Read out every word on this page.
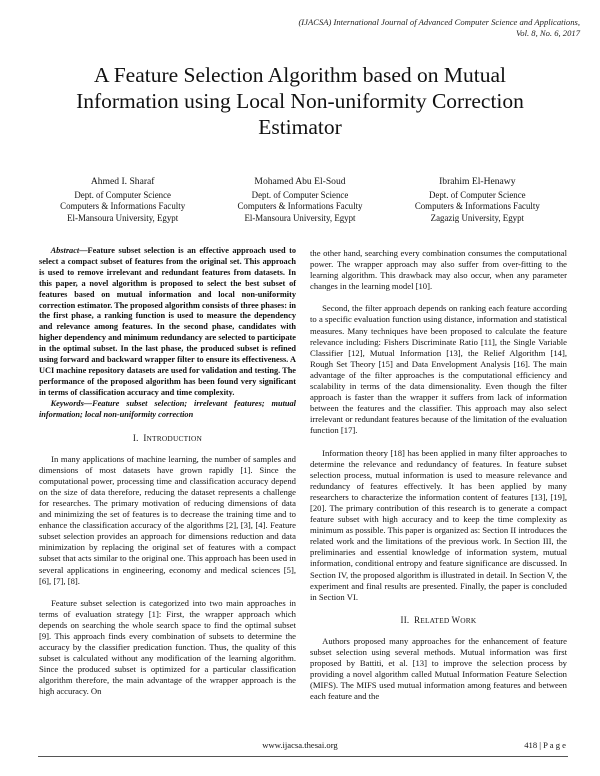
(IJACSA) International Journal of Advanced Computer Science and Applications,
Vol. 8, No. 6, 2017
A Feature Selection Algorithm based on Mutual
Information using Local Non-uniformity Correction
Estimator
Ahmed I. Sharaf
Dept. of Computer Science
Computers & Informations Faculty
El-Mansoura University, Egypt
Mohamed Abu El-Soud
Dept. of Computer Science
Computers & Informations Faculty
El-Mansoura University, Egypt
Ibrahim El-Henawy
Dept. of Computer Science
Computers & Informations Faculty
Zagazig University, Egypt

Abstract—Feature subset selection is an effective approach used to select a compact subset of features from the original set. This approach is used to remove irrelevant and redundant features from datasets. In this paper, a novel algorithm is proposed to select the best subset of features based on mutual information and local non-uniformity correction estimator. The proposed algorithm consists of three phases: in the first phase, a ranking function is used to measure the dependency and relevance among features. In the second phase, candidates with higher dependency and minimum redundancy are selected to participate in the optimal subset. In the last phase, the produced subset is refined using forward and backward wrapper filter to ensure its effectiveness. A UCI machine repository datasets are used for validation and testing. The performance of the proposed algorithm has been found very significant in terms of classification accuracy and time complexity.

Keywords—Feature subset selection; irrelevant features; mutual information; local non-uniformity correction

I. INTRODUCTION

In many applications of machine learning, the number of samples and dimensions of most datasets have grown rapidly [1]. Since the computational power, processing time and classification accuracy depend on the size of data therefore, reducing the dataset represents a challenge for researches. The primary motivation of reducing dimensions of data and minimizing the set of features is to decrease the training time and to enhance the classification accuracy of the algorithms [2], [3], [4]. Feature subset selection provides an approach for dimensions reduction and data minimization by replacing the original set of features with a compact subset that acts similar to the original one. This approach has been used in several applications in engineering, economy and medical sciences [5], [6], [7], [8].

Feature subset selection is categorized into two main approaches in terms of evaluation strategy [1]: First, the wrapper approach which depends on searching the whole search space to find the optimal subset [9]. This approach finds every combination of subsets to determine the accuracy by the classifier predication function. Thus, the quality of this subset is calculated without any modification of the learning algorithm. Since the produced subset is optimized for a particular classification algorithm therefore, the main advantage of the wrapper approach is the high accuracy. On

the other hand, searching every combination consumes the computational power. The wrapper approach may also suffer from over-fitting to the learning algorithm. This drawback may also occur, when any parameter changes in the learning model [10].

Second, the filter approach depends on ranking each feature according to a specific evaluation function using distance, information and statistical measures. Many techniques have been proposed to calculate the feature relevance including: Fishers Discriminate Ratio [11], the Single Variable Classifier [12], Mutual Information [13], the Relief Algorithm [14], Rough Set Theory [15] and Data Envelopment Analysis [16]. The main advantage of the filter approaches is the computational efficiency and scalability in terms of the data dimensionality. Even though the filter approach is faster than the wrapper it suffers from lack of information between the features and the classifier. This approach may also select irrelevant or redundant features because of the limitation of the evaluation function [17].

Information theory [18] has been applied in many filter approaches to determine the relevance and redundancy of features. In feature subset selection process, mutual information is used to measure relevance and redundancy of features effectively. It has been applied by many researchers to characterize the information content of features [13], [19], [20]. The primary contribution of this research is to generate a compact feature subset with high accuracy and to keep the time complexity as minimum as possible. This paper is organized as: Section II introduces the related work and the limitations of the previous work. In Section III, the preliminaries and essential knowledge of information system, mutual information, conditional entropy and feature significance are discussed. In Section IV, the proposed algorithm is illustrated in detail. In Section V, the experiment and final results are presented. Finally, the paper is concluded in Section VI.

II. RELATED WORK

Authors proposed many approaches for the enhancement of feature subset selection using several methods. Mutual information was first proposed by Battiti, et al. [13] to improve the selection process by providing a novel algorithm called Mutual Information Feature Selection (MIFS). The MIFS used mutual information among features and between each feature and the

www.ijacsa.thesai.org	418 | P a g e
